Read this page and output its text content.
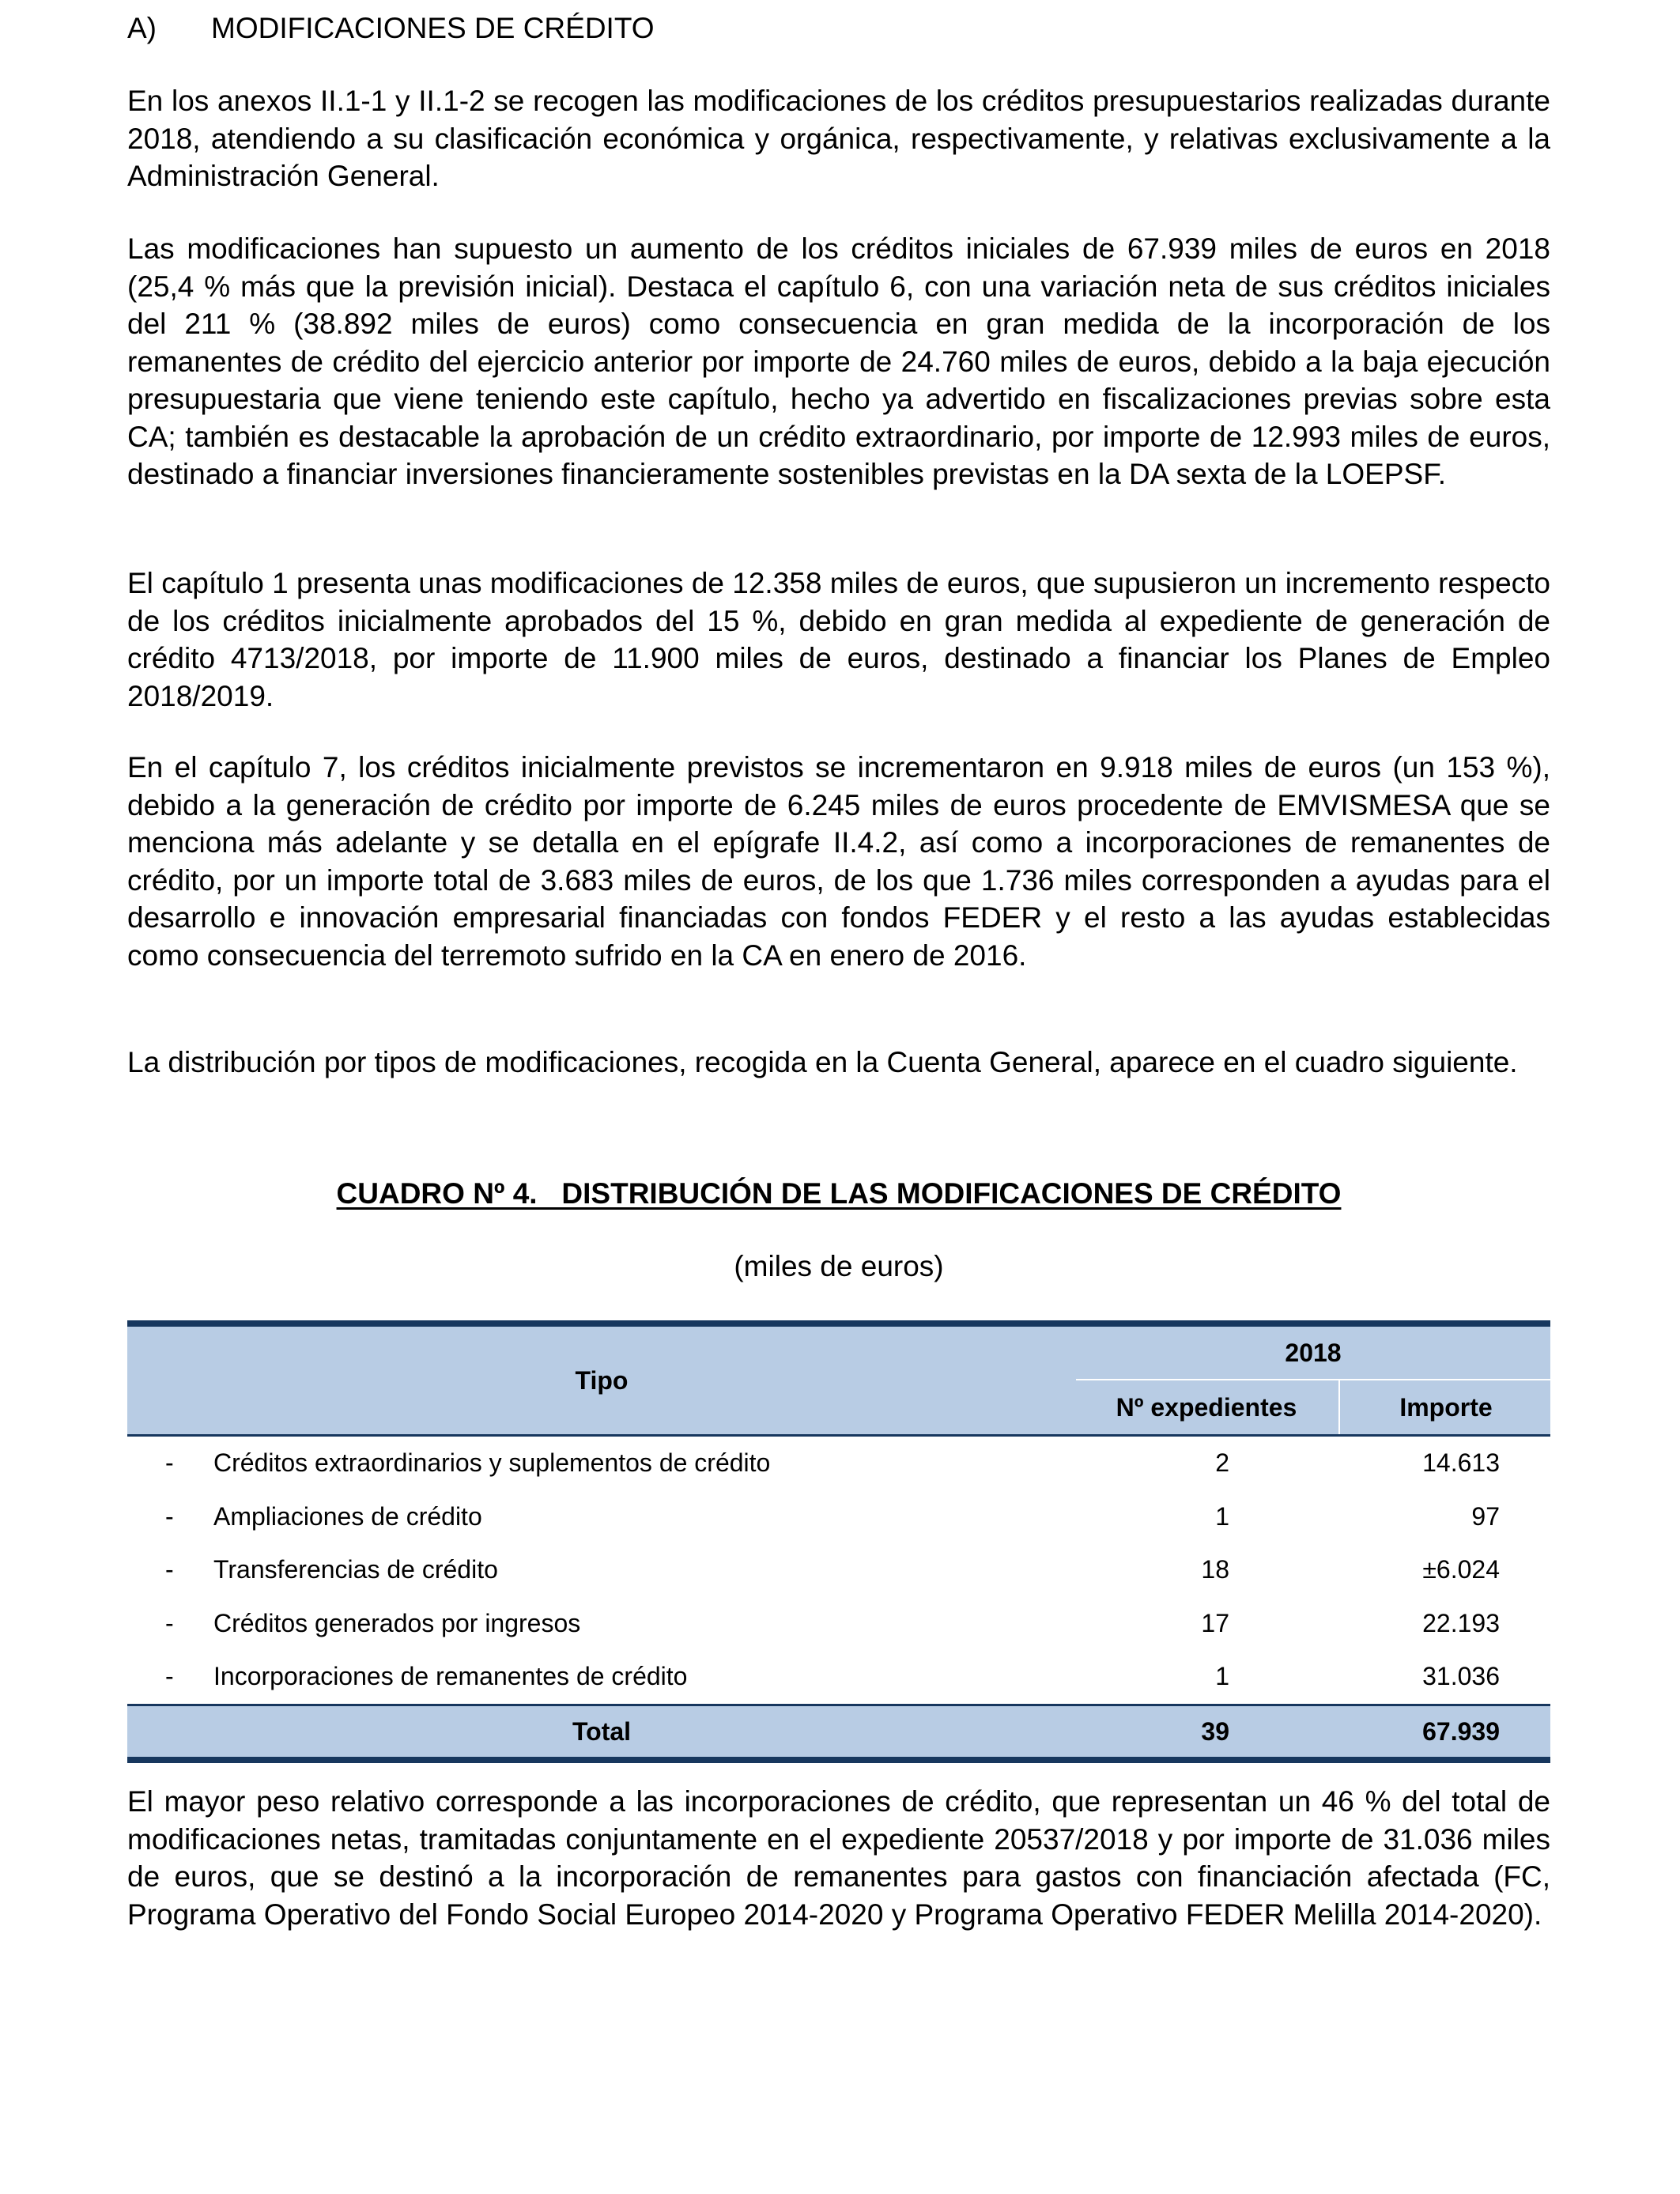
A) MODIFICACIONES DE CRÉDITO

En los anexos II.1-1 y II.1-2 se recogen las modificaciones de los créditos presupuestarios realizadas durante 2018, atendiendo a su clasificación económica y orgánica, respectivamente, y relativas exclusivamente a la Administración General.

Las modificaciones han supuesto un aumento de los créditos iniciales de 67.939 miles de euros en 2018 (25,4 % más que la previsión inicial). Destaca el capítulo 6, con una variación neta de sus créditos iniciales del 211 % (38.892 miles de euros) como consecuencia en gran medida de la incorporación de los remanentes de crédito del ejercicio anterior por importe de 24.760 miles de euros, debido a la baja ejecución presupuestaria que viene teniendo este capítulo, hecho ya advertido en fiscalizaciones previas sobre esta CA; también es destacable la aprobación de un crédito extraordinario, por importe de 12.993 miles de euros, destinado a financiar inversiones financieramente sostenibles previstas en la DA sexta de la LOEPSF.

El capítulo 1 presenta unas modificaciones de 12.358 miles de euros, que supusieron un incremento respecto de los créditos inicialmente aprobados del 15 %, debido en gran medida al expediente de generación de crédito 4713/2018, por importe de 11.900 miles de euros, destinado a financiar los Planes de Empleo 2018/2019.

En el capítulo 7, los créditos inicialmente previstos se incrementaron en 9.918 miles de euros (un 153 %), debido a la generación de crédito por importe de 6.245 miles de euros procedente de EMVISMESA que se menciona más adelante y se detalla en el epígrafe II.4.2, así como a incorporaciones de remanentes de crédito, por un importe total de 3.683 miles de euros, de los que 1.736 miles corresponden a ayudas para el desarrollo e innovación empresarial financiadas con fondos FEDER y el resto a las ayudas establecidas como consecuencia del terremoto sufrido en la CA en enero de 2016.

La distribución por tipos de modificaciones, recogida en la Cuenta General, aparece en el cuadro siguiente.

CUADRO Nº 4.   DISTRIBUCIÓN DE LAS MODIFICACIONES DE CRÉDITO
(miles de euros)
Tipo
2018
Nº expedientes	Importe
- Créditos extraordinarios y suplementos de crédito	2	14.613
- Ampliaciones de crédito	1	97
- Transferencias de crédito	18	±6.024
- Créditos generados por ingresos	17	22.193
- Incorporaciones de remanentes de crédito	1	31.036
Total	39	67.939

El mayor peso relativo corresponde a las incorporaciones de crédito, que representan un 46 % del total de modificaciones netas, tramitadas conjuntamente en el expediente 20537/2018 y por importe de 31.036 miles de euros, que se destinó a la incorporación de remanentes para gastos con financiación afectada (FC, Programa Operativo del Fondo Social Europeo 2014-2020 y Programa Operativo FEDER Melilla 2014-2020).
